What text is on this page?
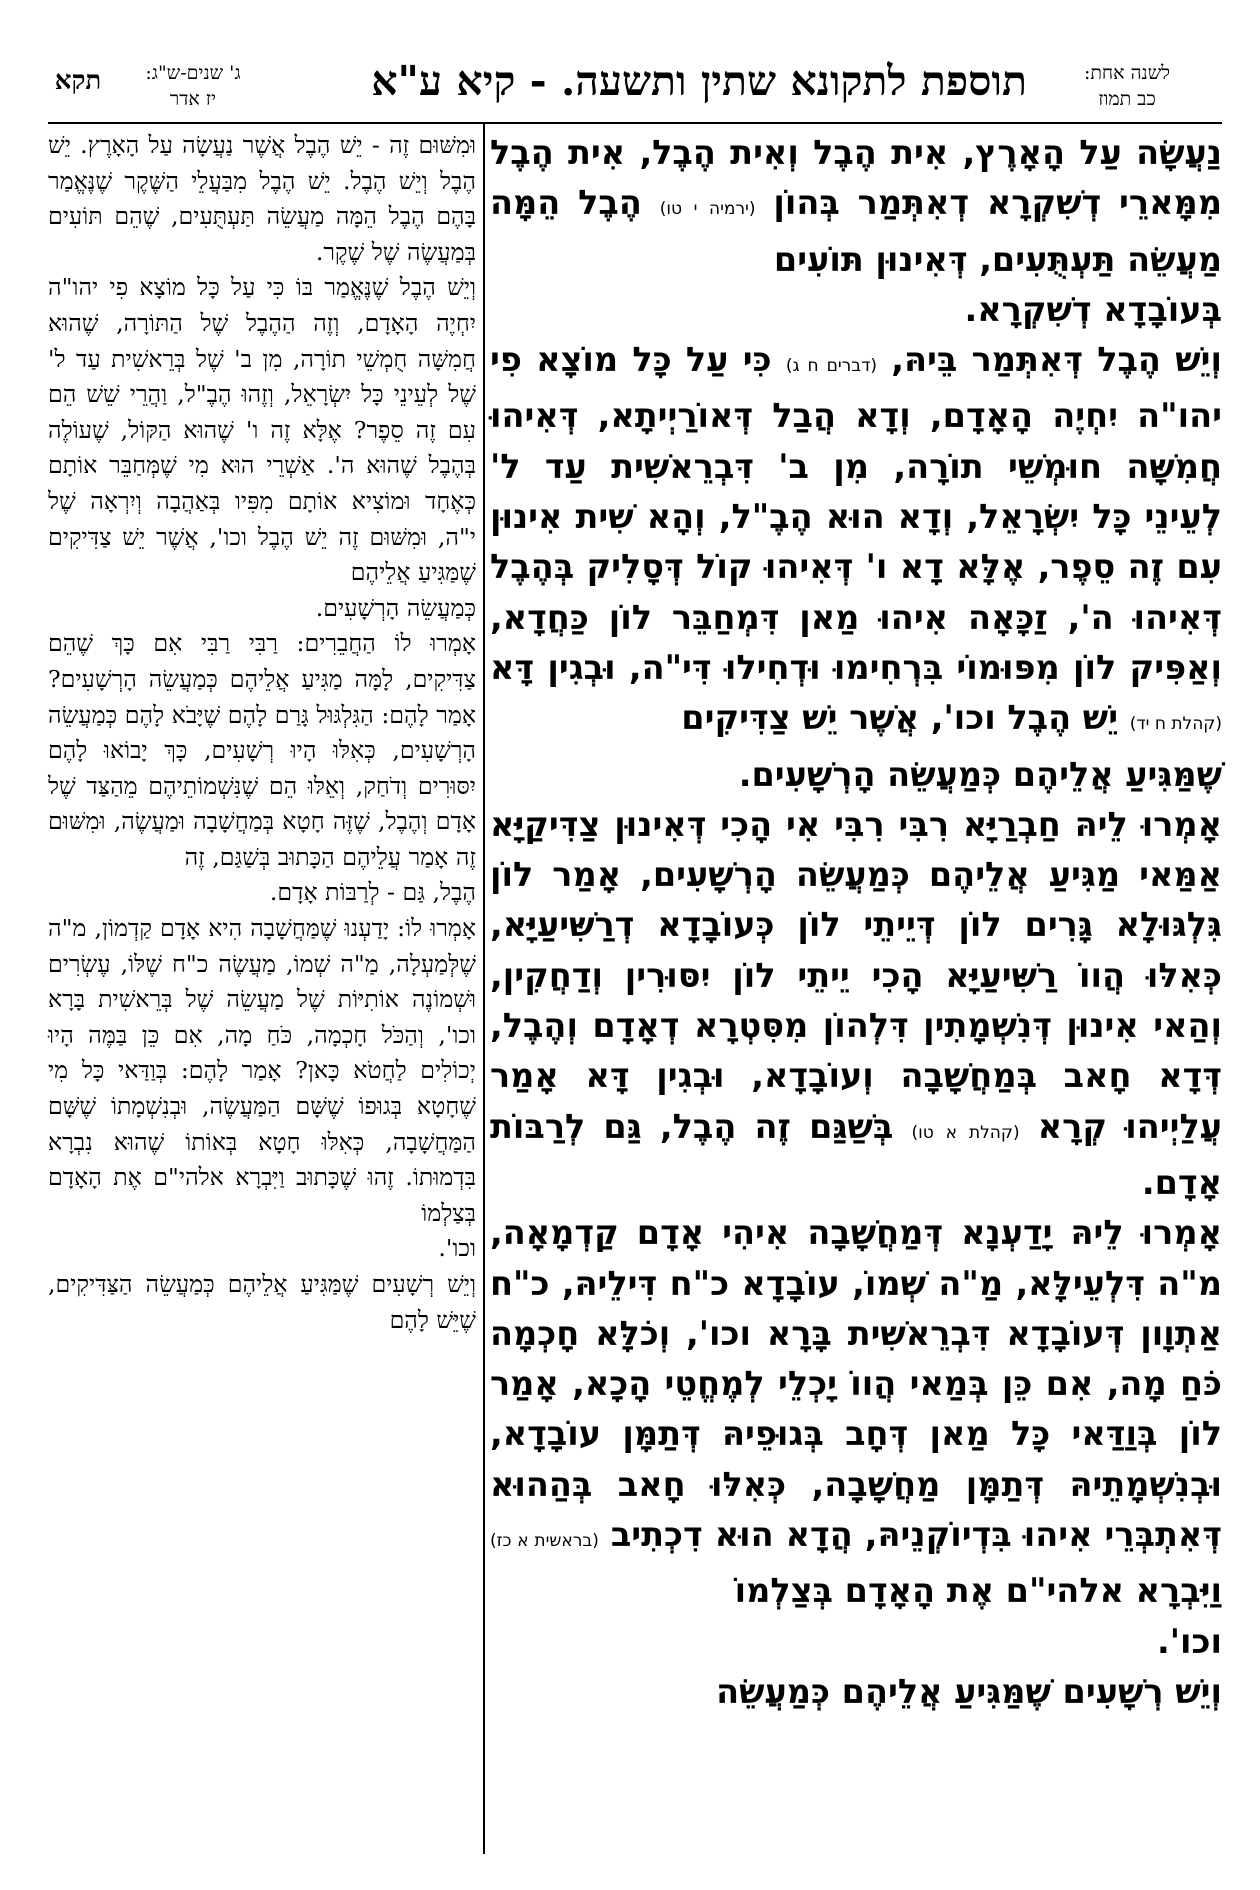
לשנה אחת:
כב תמוז
תוספת לתקונא שתין ותשעה. - קיא ע"א
ג' שנים-ש"ג:
יז אדר
תקא

נַעֲשָׂה עַל הָאָרֶץ, אִית הֶבֶל וְאִית הֶבֶל, אִית הֶבֶל מִמָּארֵי דְשִׁקְרָא דְאִתְּמַר בְּהוֹן (ירמיה י טו) הֶבֶל הֵמָּה מַעֲשֵׂה תַּעְתֻּעִים, דְּאִינוּן תּוֹעִים

בְּעוֹבָדָא דְשִׁקְרָא.

וְיֵשׁ הֶבֶל דְּאִתְּמַר בֵּיהּ, (דברים ח ג) כִּי עַל כָּל מוֹצָא פִי יהו"ה יִחְיֶה הָאָדָם, וְדָא הֲבַל דְּאוֹרַיְיתָא, דְּאִיהוּ חֲמִשָּׁה חוּמְשֵׁי תוֹרָה, מִן ב' דִּבְרֵאשִׁית עַד ל' לְעֵינֵי כָּל יִשְׂרָאֵל, וְדָא הוּא הֶבֶ"ל, וְהָא שִׁית אִינוּן עִם זֶה סֵפֶר, אֶלָּא דָא ו' דְּאִיהוּ קוֹל דְּסָלִיק בְּהֶבֶל דְּאִיהוּ ה', זַכָּאָה אִיהוּ מַאן דִּמְחַבֵּר לוֹן כַּחֲדָא, וְאַפִּיק לוֹן מִפּוּמוֹי בִּרְחִימוּ וּדְחִילוּ דִּי"ה, וּבְגִין דָּא (קהלת ח יד) יֵשׁ הֶבֶל וכו', אֲשֶׁר יֵשׁ צַדִּיקִים

שֶׁמַּגִּיעַ אֲלֵיהֶם כְּמַעֲשֵׂה הָרְשָׁעִים.

אָמְרוּ לֵיהּ חַבְרַיָּא רִבִּי רִבִּי אִי הָכִי דְּאִינוּן צַדִּיקַיָּא אַמַּאי מַגִּיעַ אֲלֵיהֶם כְּמַעֲשֵׂה הָרְשָׁעִים, אָמַר לוֹן גִּלְגּוּלָא גָּרִים לוֹן דְּיֵיתֵי לוֹן כְּעוֹבָדָא דְרַשִּׁיעַיָּא, כְּאִלּוּ הֲווֹ רַשִּׁיעַיָּא הָכִי יֵיתֵי לוֹן יִסּוּרִין וְדַחֲקִין, וְהַאי אִינוּן דְּנִשְׁמָתִין דִּלְהוֹן מִסִּטְרָא דְאָדָם וְהֶבֶל, דְּדָא חָאב בְּמַחֲשָׁבָה וְעוֹבָדָא, וּבְגִין דָּא אָמַר עֲלַיְיהוּ קְרָא (קהלת א טו) בְּשַׁגַּם זֶה הֶבֶל, גַּם לְרַבּוֹת אָדָם.

אָמְרוּ לֵיהּ יָדַעְנָא דְּמַחֲשָׁבָה אִיהִי אָדָם קַדְמָאָה, מ"ה דִּלְעֵילָּא, מַ"ה שְׁמוֹ, עוֹבָדָא כ"ח דִּילֵיהּ, כ"ח אַתְוָון דְּעוֹבָדָא דִּבְרֵאשִׁית בָּרָא וכו', וְכֹלָּא חָכְמָה כֹּחַ מָה, אִם כֵּן בְּמַאי הֲווֹ יָכְלֵי לְמֶחֱטֵי הָכָא, אָמַר לוֹן בְּוַדַּאי כָּל מַאן דְּחָב בְּגוּפֵיהּ דְּתַמָּן עוֹבָדָא, וּבְנִשְׁמָתֵיהּ דְּתַמָּן מַחֲשָׁבָה, כְּאִלּוּ חָאב בְּהַהוּא דְּאִתְבְּרֵי אִיהוּ בִּדְיוֹקְנֵיהּ, הֲדָא הוּא דִכְתִיב (בראשית א כז) וַיִּבְרָא אלהי"ם אֶת הָאָדָם בְּצַלְמוֹ

וכו'.

וְיֵשׁ רְשָׁעִים שֶׁמַּגִּיעַ אֲלֵיהֶם כְּמַעֲשֵׂה

וּמִשּׁוּם זֶה - יֵשׁ הֶבֶל אֲשֶׁר נַעֲשָׂה עַל הָאָרֶץ. יֵשׁ הֶבֶל וְיֵשׁ הֶבֶל. יֵשׁ הֶבֶל מִבַּעֲלֵי הַשֶּׁקֶר שֶׁנֶּאֱמַר בָּהֶם הֶבֶל הֵמָּה מַעֲשֵׂה תַּעְתֻּעִים, שֶׁהֵם תּוֹעִים בְּמַעֲשֶׂה שֶׁל שֶׁקֶר.

וְיֵשׁ הֶבֶל שֶׁנֶּאֱמַר בּוֹ כִּי עַל כָּל מוֹצָא פִי יהו"ה יִחְיֶה הָאָדָם, וְזֶה הַהֶבֶל שֶׁל הַתּוֹרָה, שֶׁהוּא חֲמִשָּׁה חֻמְשֵׁי תוֹרָה, מִן ב' שֶׁל בְּרֵאשִׁית עַד ל' שֶׁל לְעֵינֵי כָּל יִשְׂרָאֵל, וְזֶהוּ הֶבֶ"ל, וַהֲרֵי שֵׁשׁ הֵם עִם זֶה סֵפֶר? אֶלָּא זֶה ו' שֶׁהוּא הַקּוֹל, שֶׁעוֹלֶה בְּהֶבֶל שֶׁהוּא ה'. אַשְׁרֵי הוּא מִי שֶׁמְּחַבֵּר אוֹתָם כְּאֶחָד וּמוֹצִיא אוֹתָם מִפִּיו בְּאַהֲבָה וְיִרְאָה שֶׁל י"ה, וּמִשּׁוּם זֶה יֵשׁ הֶבֶל וכו', אֲשֶׁר יֵשׁ צַדִּיקִים שֶׁמַּגִּיעַ אֲלֵיהֶם

כְּמַעֲשֵׂה הָרְשָׁעִים.

אָמְרוּ לוֹ הַחֲבֵרִים: רַבִּי רַבִּי אִם כָּךְ שֶׁהֵם צַדִּיקִים, לָמָּה מַגִּיעַ אֲלֵיהֶם כְּמַעֲשֵׂה הָרְשָׁעִים? אָמַר לָהֶם: הַגִּלְגּוּל גָּרַם לָהֶם שֶׁיָּבֹא לָהֶם כְּמַעֲשֵׂה הָרְשָׁעִים, כְּאִלּוּ הָיוּ רְשָׁעִים, כָּךְ יָבוֹאוּ לָהֶם יִסּוּרִים וְדֹחַק, וְאֵלּוּ הֵם שֶׁנִּשְׁמוֹתֵיהֶם מֵהַצַּד שֶׁל אָדָם וְהֶבֶל, שֶׁזֶּה חָטָא בְּמַחֲשָׁבָה וּמַעֲשֶׂה, וּמִשּׁוּם זֶה אָמַר עֲלֵיהֶם הַכָּתוּב בְּשַׁגַּם, זֶה

הֶבֶל, גַּם - לְרַבּוֹת אָדָם.

אָמְרוּ לוֹ: יָדַעְנוּ שֶׁמַּחֲשָׁבָה הִיא אָדָם קַדְמוֹן, מ"ה שֶׁלְּמַעְלָה, מַ"ה שְׁמוֹ, מַעֲשֶׂה כ"ח שֶׁלּוֹ, עֶשְׂרִים וּשְׁמוֹנֶה אוֹתִיּוֹת שֶׁל מַעֲשֵׂה שֶׁל בְּרֵאשִׁית בָּרָא וכו', וְהַכֹּל חָכְמָה, כֹּחַ מָה, אִם כֵּן בַּמֶּה הָיוּ יְכוֹלִים לַחֲטֹא כָּאן? אָמַר לָהֶם: בְּוַדַּאי כָּל מִי שֶׁחָטָא בְּגוּפוֹ שֶׁשָּׁם הַמַּעֲשֶׂה, וּבְנִשְׁמָתוֹ שֶׁשָּׁם הַמַּחֲשָׁבָה, כְּאִלּוּ חָטָא בְּאוֹתוֹ שֶׁהוּא נִבְרָא בִּדְמוּתוֹ. זֶהוּ שֶׁכָּתוּב וַיִּבְרָא אלהי"ם אֶת הָאָדָם בְּצַלְמוֹ

וכו'.

וְיֵשׁ רְשָׁעִים שֶׁמַּגִּיעַ אֲלֵיהֶם כְּמַעֲשֵׂה הַצַּדִּיקִים, שֶׁיֵּשׁ לָהֶם
